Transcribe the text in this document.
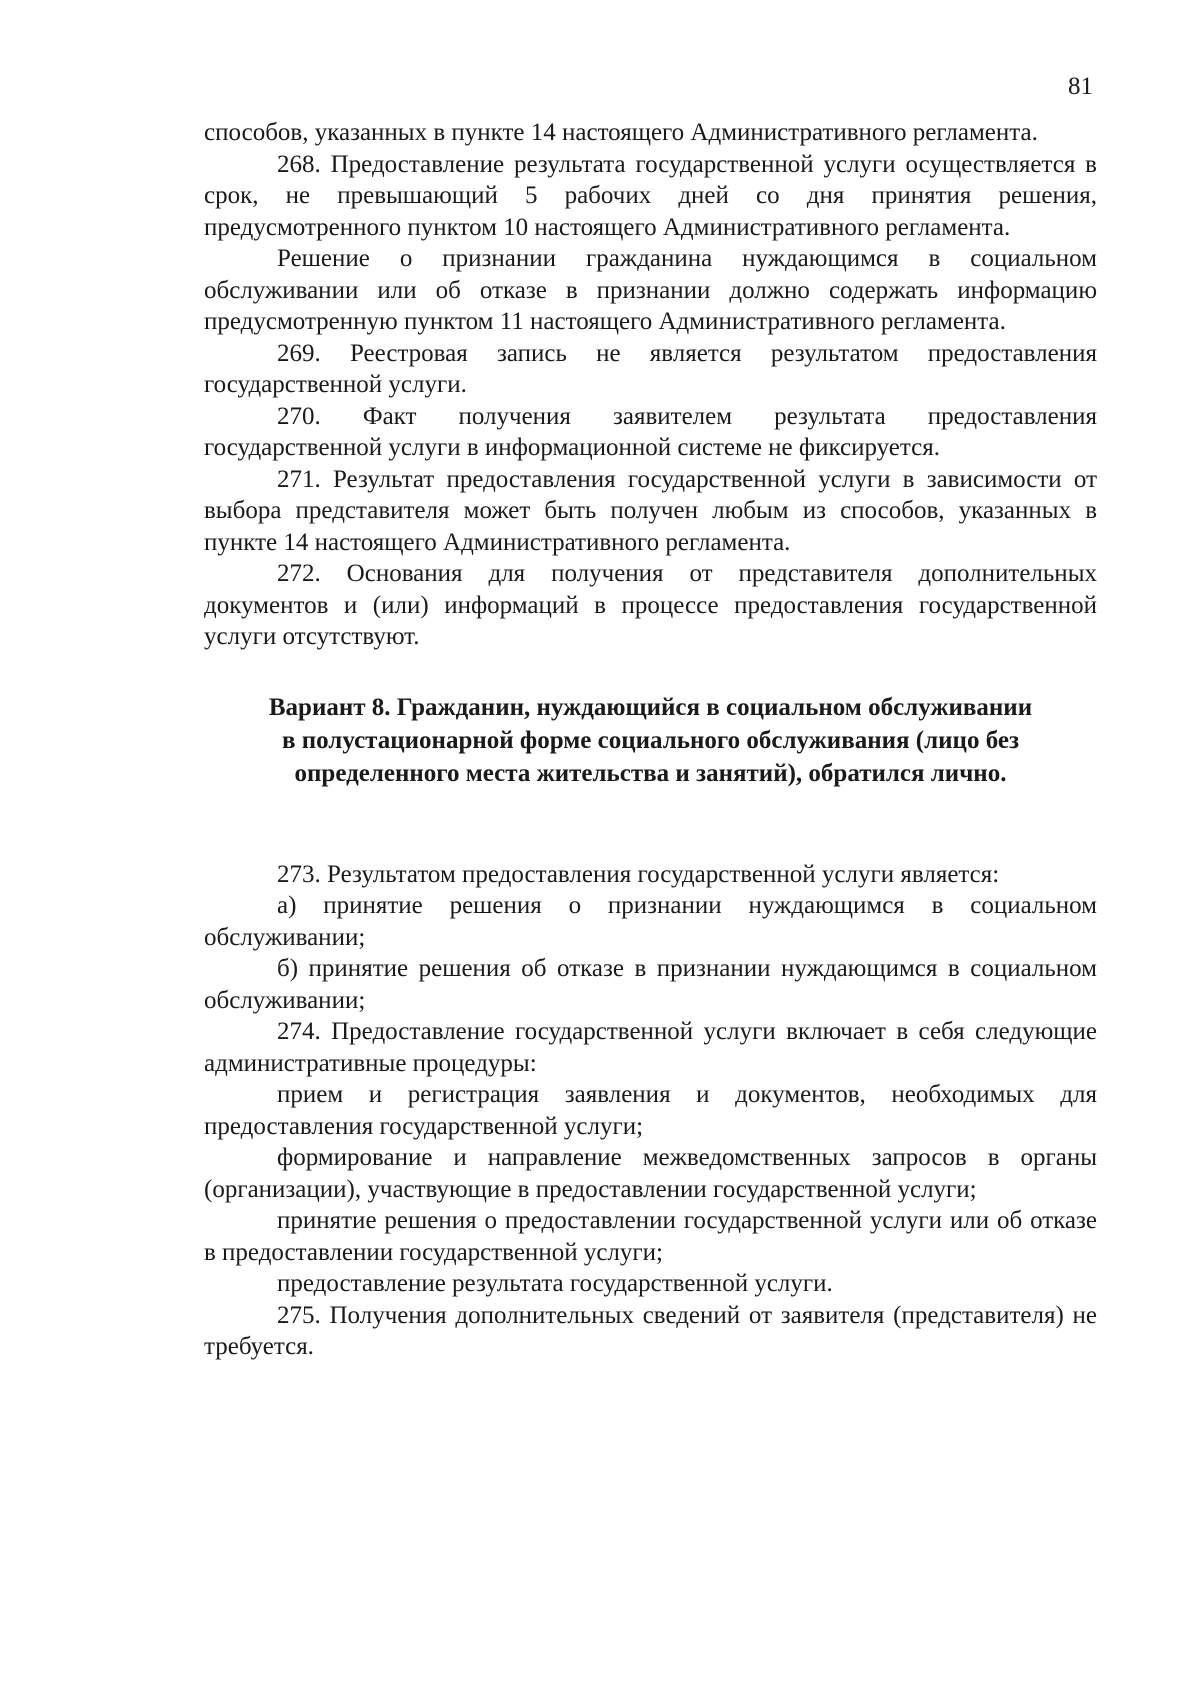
81

способов, указанных в пункте 14 настоящего Административного регламента.

268. Предоставление результата государственной услуги осуществляется в срок, не превышающий 5 рабочих дней со дня принятия решения, предусмотренного пунктом 10 настоящего Административного регламента.

Решение о признании гражданина нуждающимся в социальном обслуживании или об отказе в признании должно содержать информацию предусмотренную пунктом 11 настоящего Административного регламента.

269. Реестровая запись не является результатом предоставления государственной услуги.

270. Факт получения заявителем результата предоставления государственной услуги в информационной системе не фиксируется.

271. Результат предоставления государственной услуги в зависимости от выбора представителя может быть получен любым из способов, указанных в пункте 14 настоящего Административного регламента.

272. Основания для получения от представителя дополнительных документов и (или) информаций в процессе предоставления государственной услуги отсутствуют.

Вариант 8. Гражданин, нуждающийся в социальном обслуживании
в полустационарной форме социального обслуживания (лицо без
определенного места жительства и занятий), обратился лично.

273. Результатом предоставления государственной услуги является:

а) принятие решения о признании нуждающимся в социальном обслуживании;

б) принятие решения об отказе в признании нуждающимся в социальном обслуживании;

274. Предоставление государственной услуги включает в себя следующие административные процедуры:

прием и регистрация заявления и документов, необходимых для предоставления государственной услуги;

формирование и направление межведомственных запросов в органы (организации), участвующие в предоставлении государственной услуги;

принятие решения о предоставлении государственной услуги или об отказе в предоставлении государственной услуги;

предоставление результата государственной услуги.

275. Получения дополнительных сведений от заявителя (представителя) не требуется.
